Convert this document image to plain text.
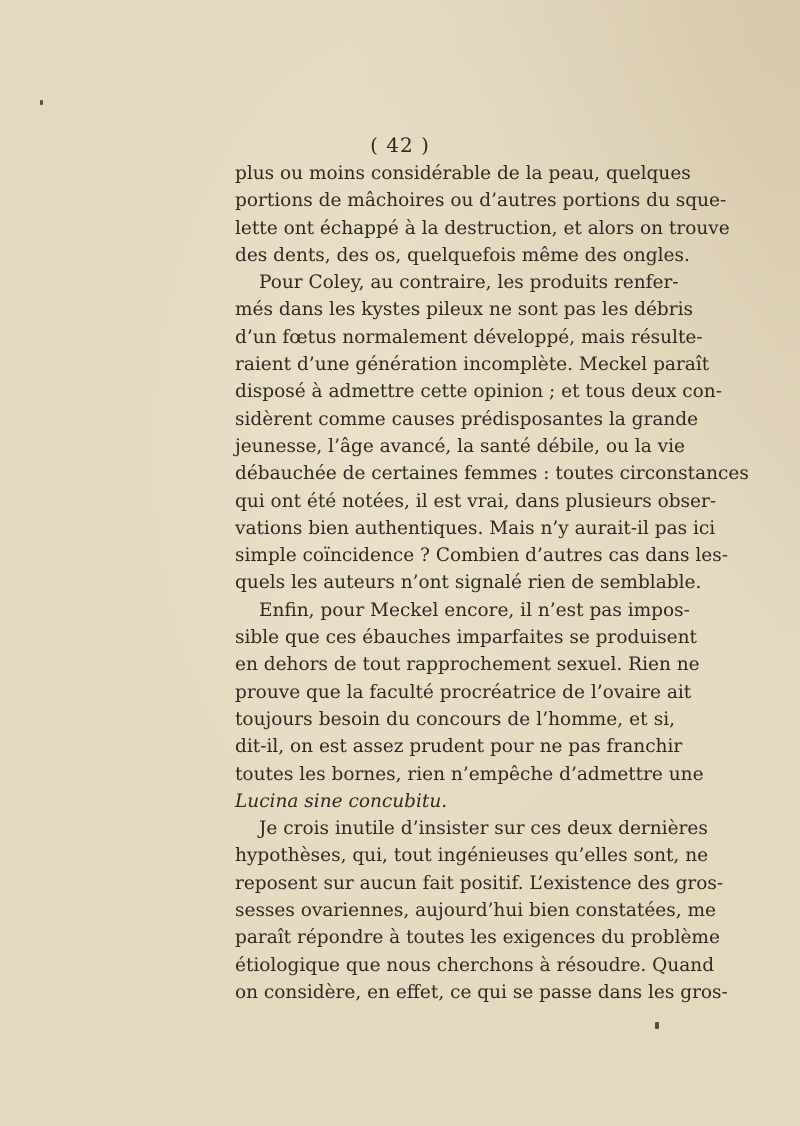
( 42 )
plus ou moins considérable de la peau, quelques
portions de mâchoires ou d’autres portions du sque-
lette ont échappé à la destruction, et alors on trouve
des dents, des os, quelquefois même des ongles.
Pour Coley, au contraire, les produits renfer-
més dans les kystes pileux ne sont pas les débris
d’un fœtus normalement développé, mais résulte-
raient d’une génération incomplète. Meckel paraît
disposé à admettre cette opinion ; et tous deux con-
sidèrent comme causes prédisposantes la grande
jeunesse, l’âge avancé, la santé débile, ou la vie
débauchée de certaines femmes : toutes circonstances
qui ont été notées, il est vrai, dans plusieurs obser-
vations bien authentiques. Mais n’y aurait-il pas ici
simple coïncidence ? Combien d’autres cas dans les-
quels les auteurs n’ont signalé rien de semblable.
Enfin, pour Meckel encore, il n’est pas impos-
sible que ces ébauches imparfaites se produisent
en dehors de tout rapprochement sexuel. Rien ne
prouve que la faculté procréatrice de l’ovaire ait
toujours besoin du concours de l’homme, et si,
dit-il, on est assez prudent pour ne pas franchir
toutes les bornes, rien n’empêche d’admettre une
Lucina sine concubitu.
Je crois inutile d’insister sur ces deux dernières
hypothèses, qui, tout ingénieuses qu’elles sont, ne
reposent sur aucun fait positif. L’existence des gros-
sesses ovariennes, aujourd’hui bien constatées, me
paraît répondre à toutes les exigences du problème
étiologique que nous cherchons à résoudre. Quand
on considère, en effet, ce qui se passe dans les gros-
